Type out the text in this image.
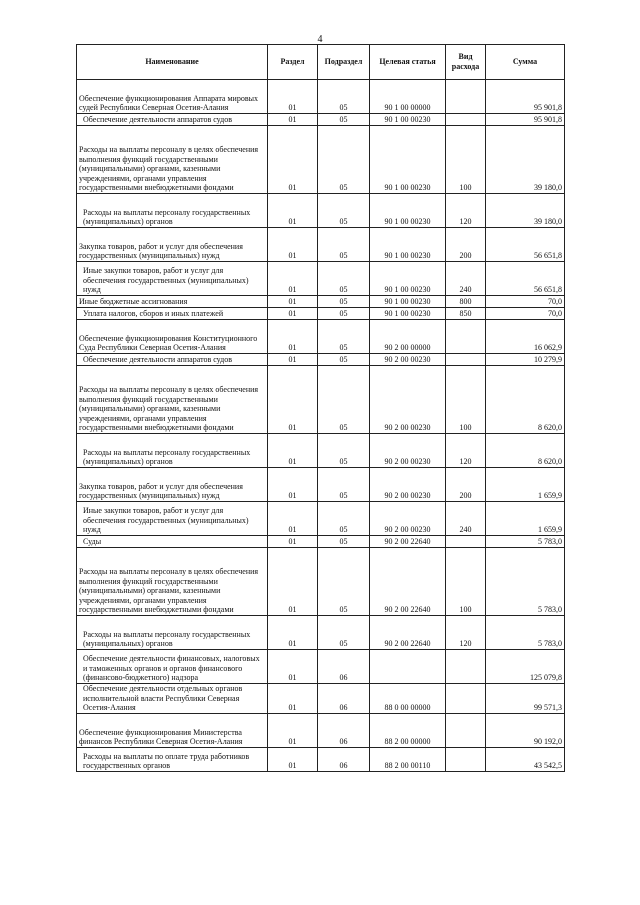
4
Наименование	Раздел	Подраздел	Целевая статья	Вид расхода	Сумма
Обеспечение функционирования Аппарата мировых судей Республики Северная Осетия-Алания	01	05	90 1 00 00000		95 901,8
Обеспечение деятельности аппаратов судов	01	05	90 1 00 00230		95 901,8
Расходы на выплаты персоналу в целях обеспечения выполнения функций государственными (муниципальными) органами, казенными учреждениями, органами управления государственными внебюджетными фондами	01	05	90 1 00 00230	100	39 180,0
Расходы на выплаты персоналу государственных (муниципальных) органов	01	05	90 1 00 00230	120	39 180,0
Закупка товаров, работ и услуг для обеспечения государственных (муниципальных) нужд	01	05	90 1 00 00230	200	56 651,8
Иные закупки товаров, работ и услуг для обеспечения государственных (муниципальных) нужд	01	05	90 1 00 00230	240	56 651,8
Иные бюджетные ассигнования	01	05	90 1 00 00230	800	70,0
Уплата налогов, сборов и иных платежей	01	05	90 1 00 00230	850	70,0
Обеспечение функционирования Конституционного Суда Республики Северная Осетия-Алания	01	05	90 2 00 00000		16 062,9
Обеспечение деятельности аппаратов судов	01	05	90 2 00 00230		10 279,9
Расходы на выплаты персоналу в целях обеспечения выполнения функций государственными (муниципальными) органами, казенными учреждениями, органами управления государственными внебюджетными фондами	01	05	90 2 00 00230	100	8 620,0
Расходы на выплаты персоналу государственных (муниципальных) органов	01	05	90 2 00 00230	120	8 620,0
Закупка товаров, работ и услуг для обеспечения государственных (муниципальных) нужд	01	05	90 2 00 00230	200	1 659,9
Иные закупки товаров, работ и услуг для обеспечения государственных (муниципальных) нужд	01	05	90 2 00 00230	240	1 659,9
Суды	01	05	90 2 00 22640		5 783,0
Расходы на выплаты персоналу в целях обеспечения выполнения функций государственными (муниципальными) органами, казенными учреждениями, органами управления государственными внебюджетными фондами	01	05	90 2 00 22640	100	5 783,0
Расходы на выплаты персоналу государственных (муниципальных) органов	01	05	90 2 00 22640	120	5 783,0
Обеспечение деятельности финансовых, налоговых и таможенных органов и органов финансового (финансово-бюджетного) надзора	01	06			125 079,8
Обеспечение деятельности отдельных органов исполнительной власти Республики Северная Осетия-Алания	01	06	88 0 00 00000		99 571,3
Обеспечение функционирования Министерства финансов Республики Северная Осетия-Алания	01	06	88 2 00 00000		90 192,0
Расходы на выплаты по оплате труда работников государственных органов	01	06	88 2 00 00110		43 542,5
